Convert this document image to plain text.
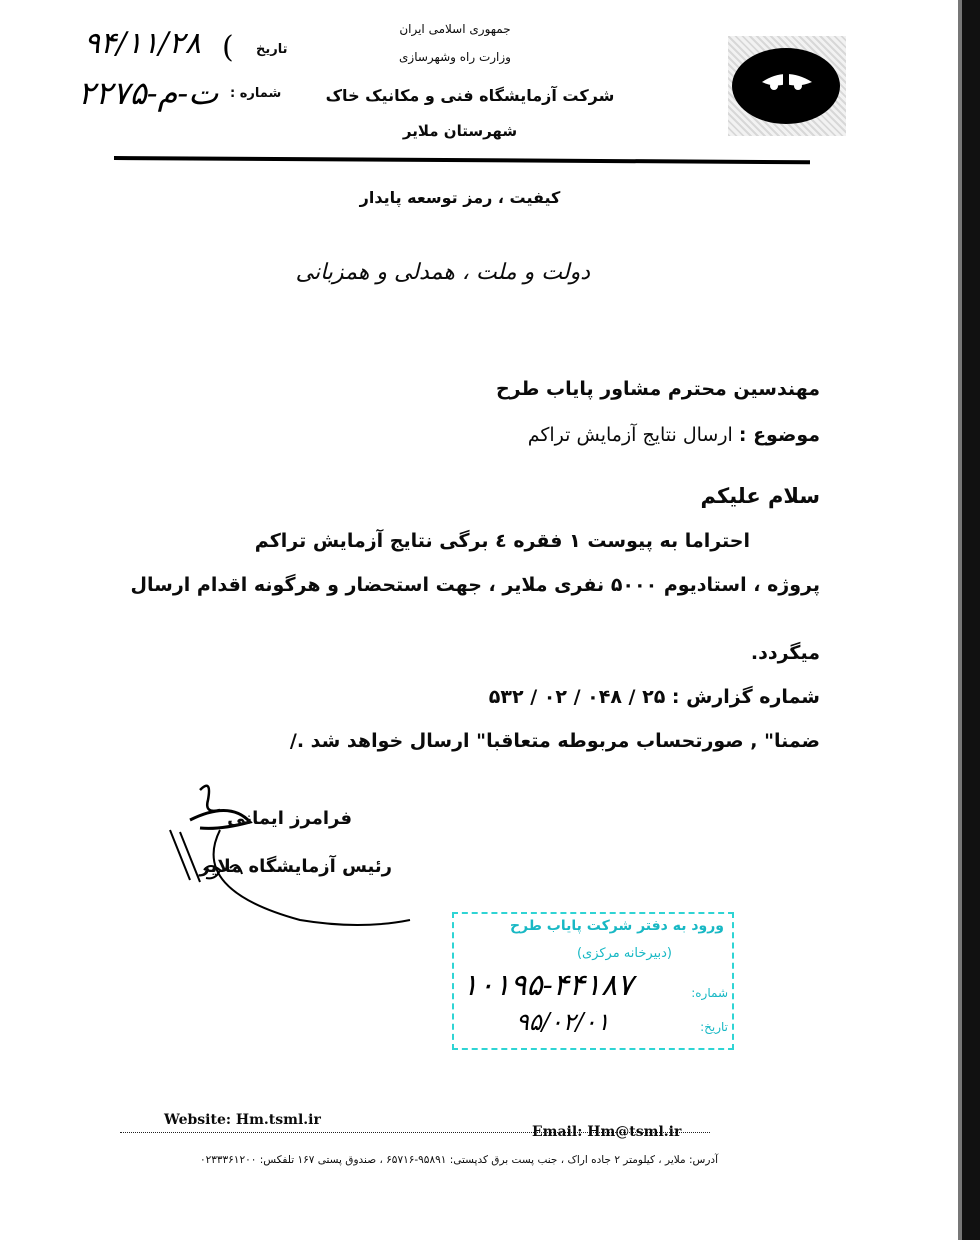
جمهوری اسلامی ایران
وزارت راه وشهرسازی
شرکت آزمایشگاه فنی و مکانیک خاک
شهرستان ملایر
۹۴/۱۱/۲۸ ( تاریخ
۲۲۷۵-ت-م شماره :
کیفیت ، رمز توسعه پایدار
دولت و ملت ، همدلی و همزبانی
مهندسین محترم مشاور پایاب طرح
موضوع : ارسال نتایج آزمایش تراکم
سلام علیکم
احتراما به پیوست ۱ فقره ٤ برگی نتایج آزمایش تراکم
پروژه ، استادیوم ۵۰۰۰ نفری ملایر ، جهت استحضار و هرگونه اقدام ارسال
میگردد.
شماره گزارش : ۲۵ / ۰۴۸ / ۰۲ / ۵۳۲
ضمنا" , صورتحساب مربوطه متعاقبا" ارسال خواهد شد ./
فرامرز ایمانی
رئیس آزمایشگاه ملایر
ورود به دفتر شرکت پایاب طرح
(دبیرخانه مرکزی)
شماره:
۱۰۱۹۵-۴۴۱۸۷
تاریخ:
۹۵/۰۲/۰۱
Website: Hm.tsml.ir
Email: Hm@tsml.ir
آدرس: ملایر ، کیلومتر ۲ جاده اراک ، جنب پست برق کدپستی: ۹۵۸۹۱-۶۵۷۱۶ ، صندوق پستی ۱۶۷ تلفکس: ۰۲۳۳۳۶۱۲۰۰
